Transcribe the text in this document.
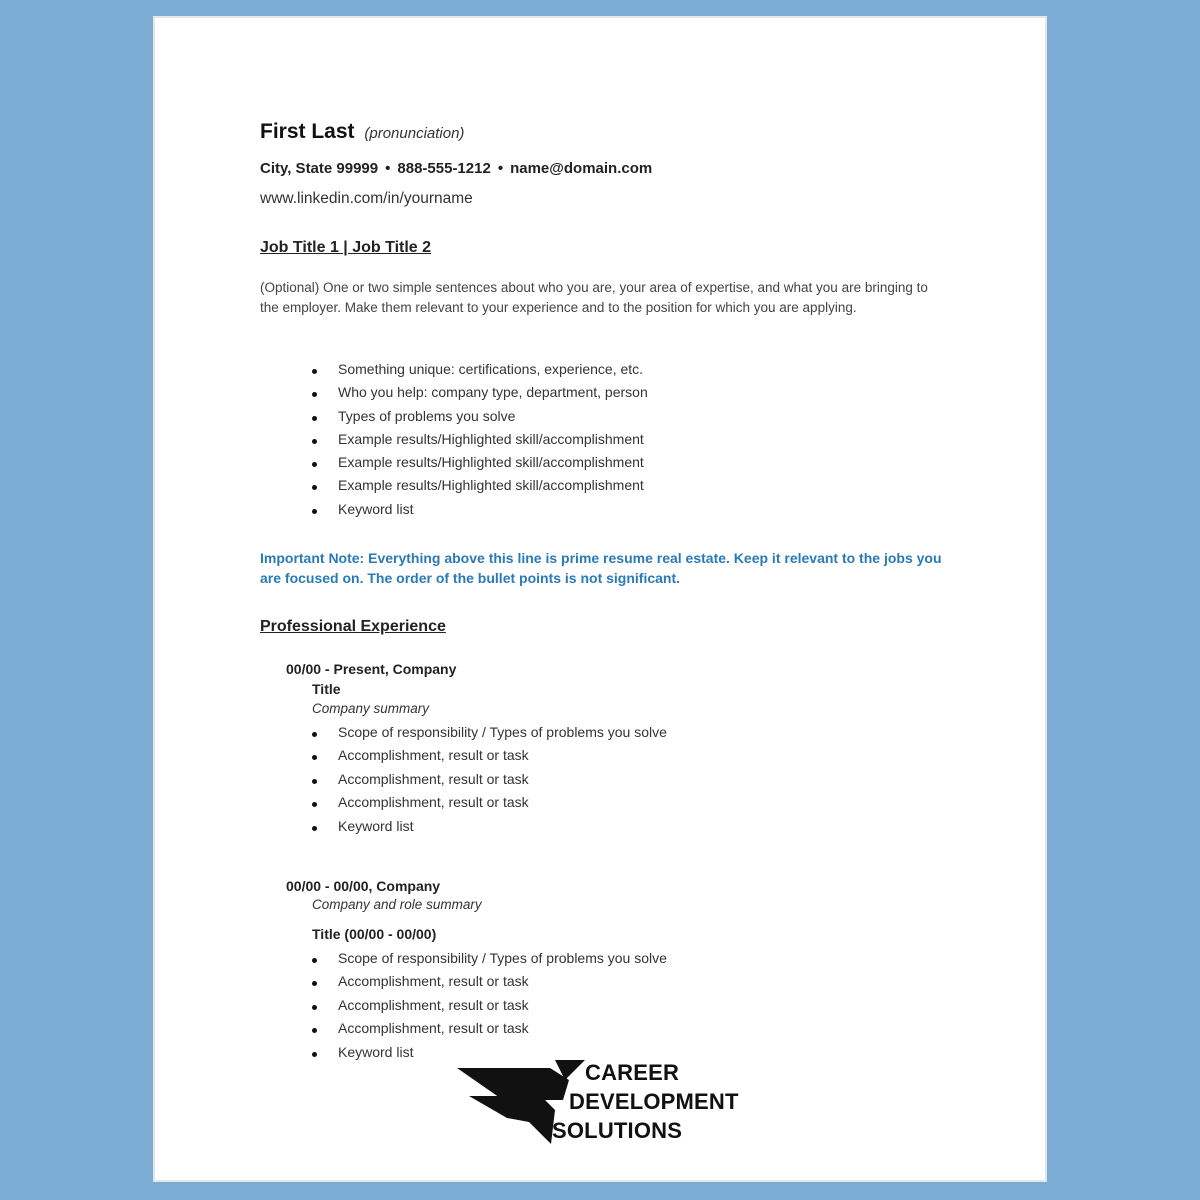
First Last (pronunciation)
City, State 99999 • 888-555-1212 • name@domain.com
www.linkedin.com/in/yourname
Job Title 1 | Job Title 2
(Optional) One or two simple sentences about who you are, your area of expertise, and what you are bringing to the employer. Make them relevant to your experience and to the position for which you are applying.
Something unique: certifications, experience, etc.
Who you help: company type, department, person
Types of problems you solve
Example results/Highlighted skill/accomplishment
Example results/Highlighted skill/accomplishment
Example results/Highlighted skill/accomplishment
Keyword list
Important Note: Everything above this line is prime resume real estate. Keep it relevant to the jobs you are focused on. The order of the bullet points is not significant.
Professional Experience
00/00 - Present, Company
Title
Company summary
Scope of responsibility / Types of problems you solve
Accomplishment, result or task
Accomplishment, result or task
Accomplishment, result or task
Keyword list
00/00 - 00/00, Company
Company and role summary
Title (00/00 - 00/00)
Scope of responsibility / Types of problems you solve
Accomplishment, result or task
Accomplishment, result or task
Accomplishment, result or task
Keyword list
CAREER
DEVELOPMENT
SOLUTIONS
